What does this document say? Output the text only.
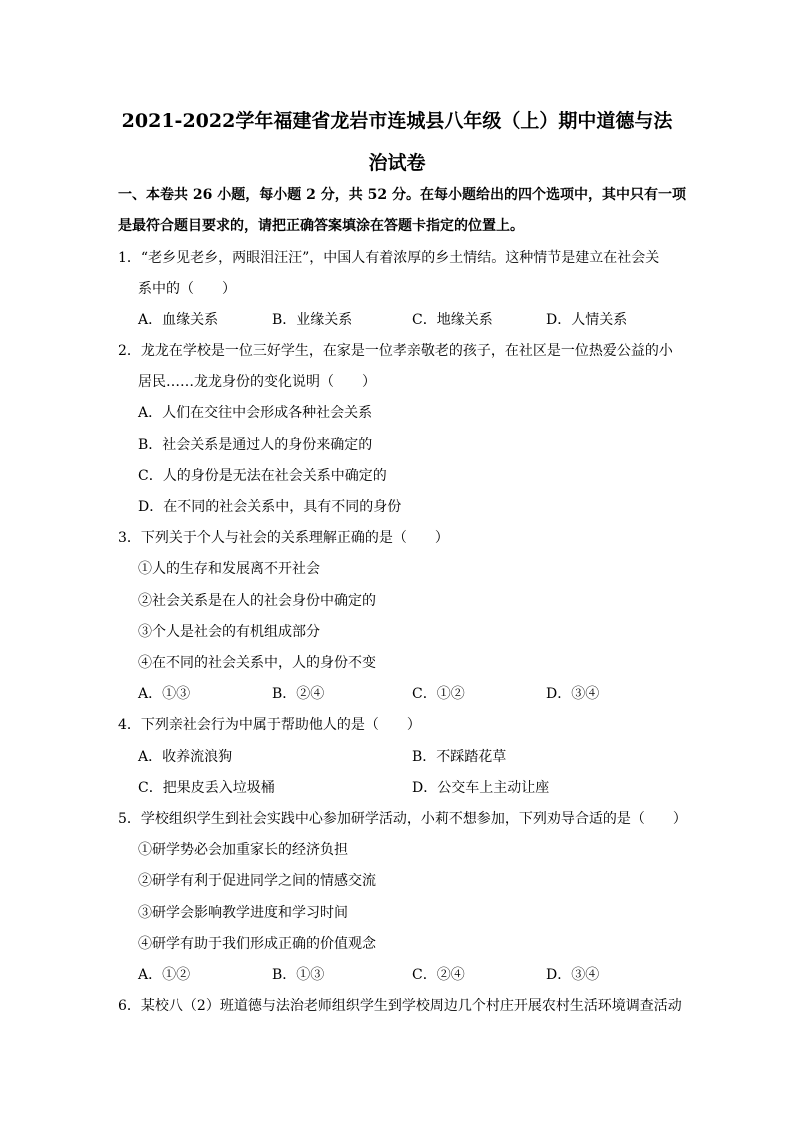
2021-2022学年福建省龙岩市连城县八年级（上）期中道德与法
治试卷
一、本卷共 26 小题，每小题 2 分，共 52 分。在每小题给出的四个选项中，其中只有一项
是最符合题目要求的，请把正确答案填涂在答题卡指定的位置上。
1．“老乡见老乡，两眼泪汪汪”，中国人有着浓厚的乡土情结。这种情节是建立在社会关
系中的（　　）
A．血缘关系	B．业缘关系	C．地缘关系	D．人情关系
2．龙龙在学校是一位三好学生，在家是一位孝亲敬老的孩子，在社区是一位热爱公益的小
居民……龙龙身份的变化说明（　　）
A．人们在交往中会形成各种社会关系
B．社会关系是通过人的身份来确定的
C．人的身份是无法在社会关系中确定的
D．在不同的社会关系中，具有不同的身份
3．下列关于个人与社会的关系理解正确的是（　　）
①人的生存和发展离不开社会
②社会关系是在人的社会身份中确定的
③个人是社会的有机组成部分
④在不同的社会关系中，人的身份不变
A．①③	B．②④	C．①②	D．③④
4．下列亲社会行为中属于帮助他人的是（　　）
A．收养流浪狗	B．不踩踏花草
C．把果皮丢入垃圾桶	D．公交车上主动让座
5．学校组织学生到社会实践中心参加研学活动，小莉不想参加，下列劝导合适的是（　　）
①研学势必会加重家长的经济负担
②研学有利于促进同学之间的情感交流
③研学会影响教学进度和学习时间
④研学有助于我们形成正确的价值观念
A．①②	B．①③	C．②④	D．③④
6．某校八（2）班道德与法治老师组织学生到学校周边几个村庄开展农村生活环境调查活动
